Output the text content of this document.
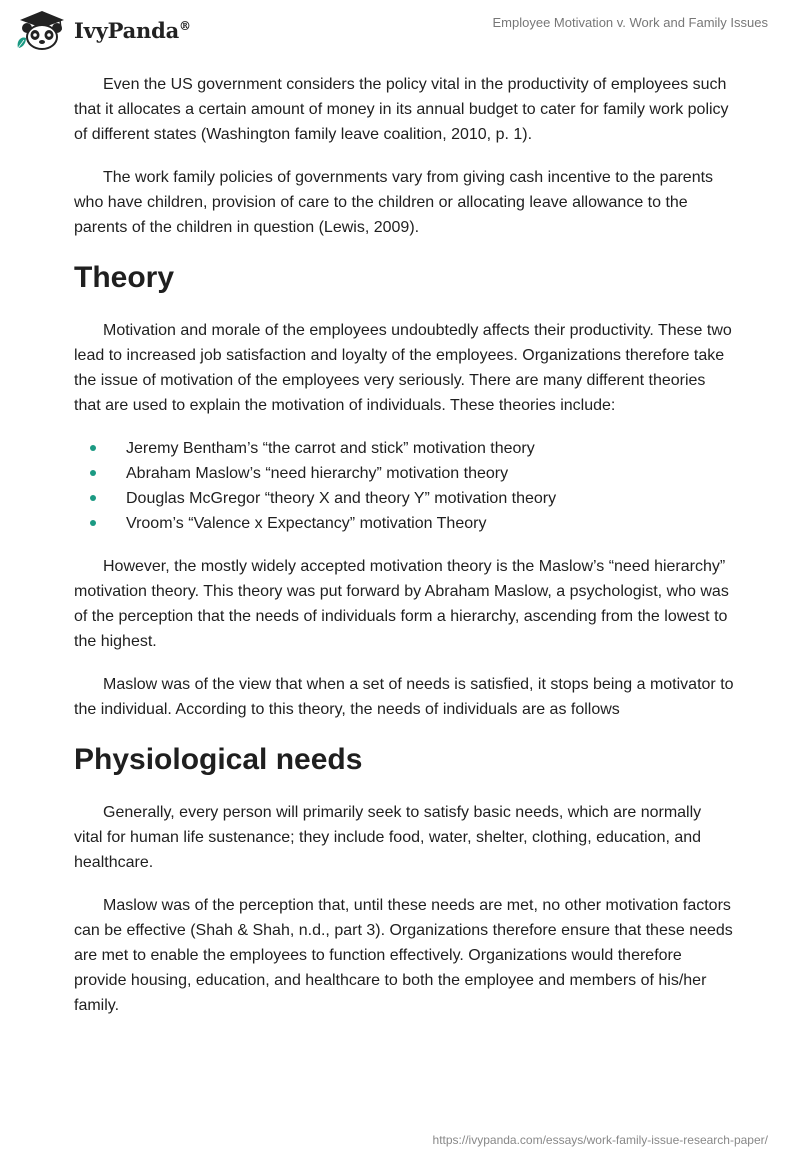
IvyPanda®	Employee Motivation v. Work and Family Issues

Even the US government considers the policy vital in the productivity of employees such that it allocates a certain amount of money in its annual budget to cater for family work policy of different states (Washington family leave coalition, 2010, p. 1).

The work family policies of governments vary from giving cash incentive to the parents who have children, provision of care to the children or allocating leave allowance to the parents of the children in question (Lewis, 2009).

Theory

Motivation and morale of the employees undoubtedly affects their productivity. These two lead to increased job satisfaction and loyalty of the employees. Organizations therefore take the issue of motivation of the employees very seriously. There are many different theories that are used to explain the motivation of individuals. These theories include:

Jeremy Bentham’s “the carrot and stick” motivation theory
Abraham Maslow’s “need hierarchy” motivation theory
Douglas McGregor “theory X and theory Y” motivation theory
Vroom’s “Valence x Expectancy” motivation Theory

However, the mostly widely accepted motivation theory is the Maslow’s “need hierarchy” motivation theory. This theory was put forward by Abraham Maslow, a psychologist, who was of the perception that the needs of individuals form a hierarchy, ascending from the lowest to the highest.

Maslow was of the view that when a set of needs is satisfied, it stops being a motivator to the individual. According to this theory, the needs of individuals are as follows

Physiological needs

Generally, every person will primarily seek to satisfy basic needs, which are normally vital for human life sustenance; they include food, water, shelter, clothing, education, and healthcare.

Maslow was of the perception that, until these needs are met, no other motivation factors can be effective (Shah & Shah, n.d., part 3). Organizations therefore ensure that these needs are met to enable the employees to function effectively. Organizations would therefore provide housing, education, and healthcare to both the employee and members of his/her family.

https://ivypanda.com/essays/work-family-issue-research-paper/
